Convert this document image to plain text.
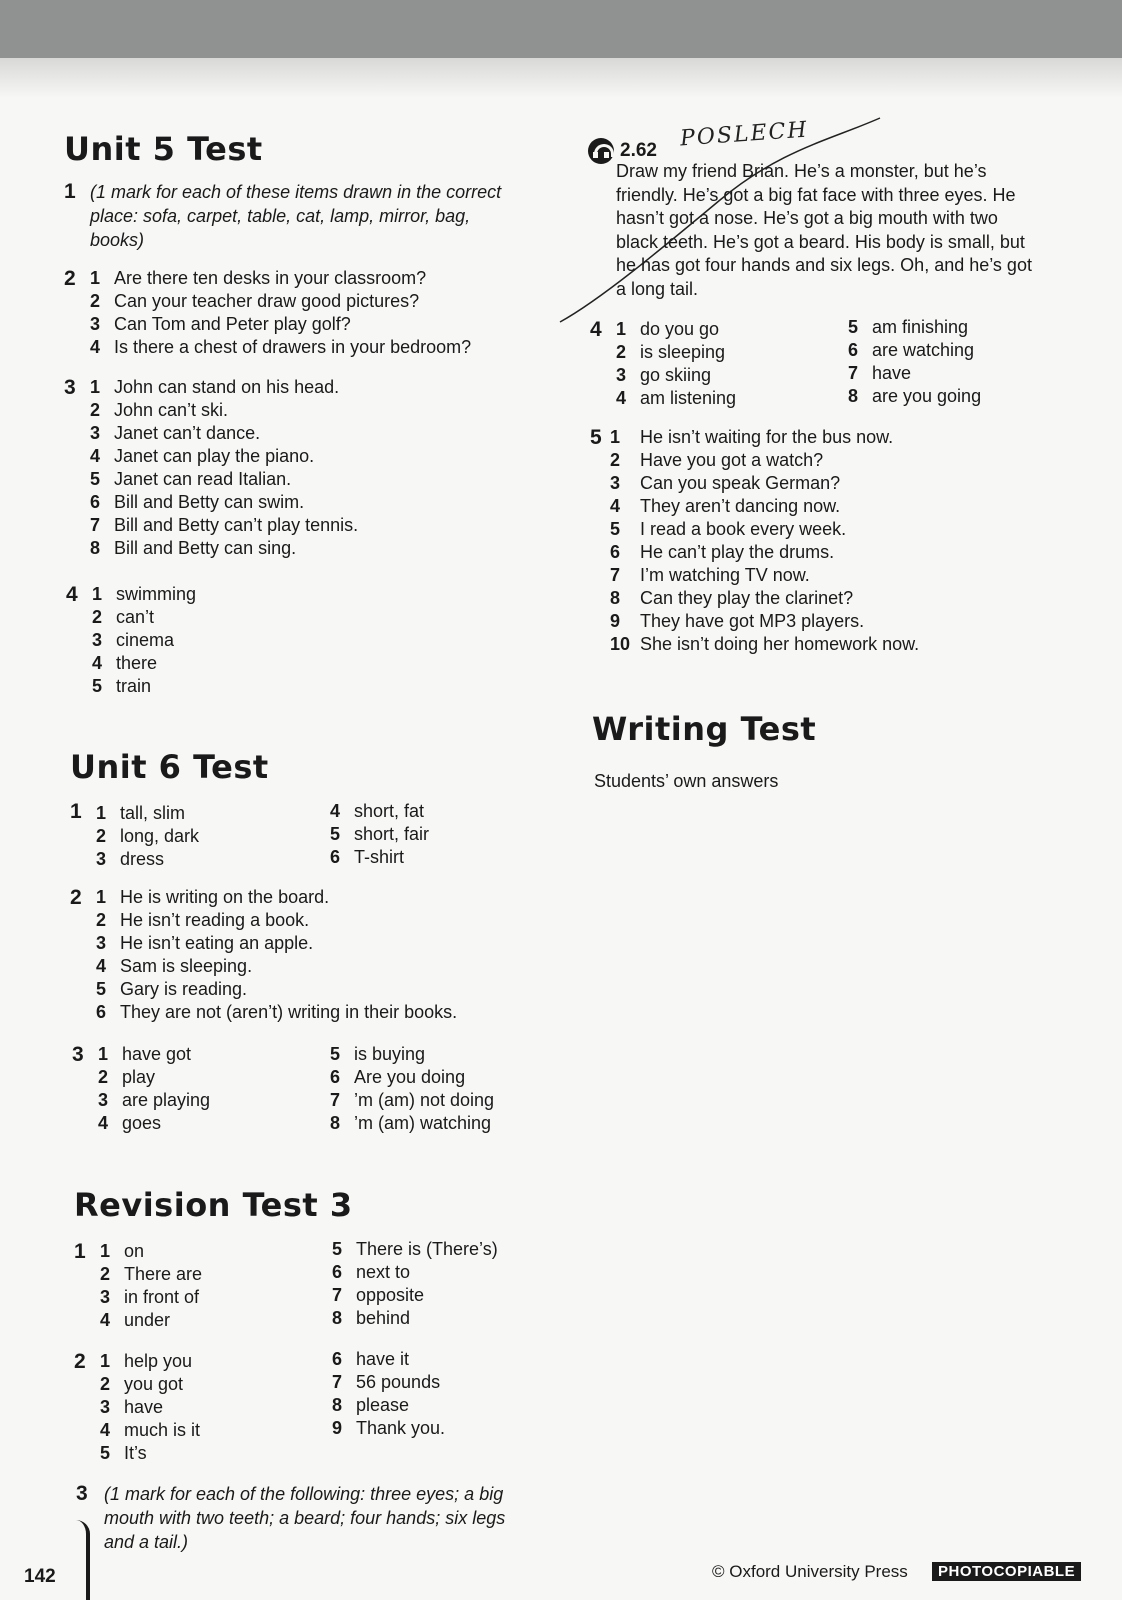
Unit 5 Test
1 (1 mark for each of these items drawn in the correct
place: sofa, carpet, table, cat, lamp, mirror, bag,
books)
2 1 Are there ten desks in your classroom?
2 Can your teacher draw good pictures?
3 Can Tom and Peter play golf?
4 Is there a chest of drawers in your bedroom?
3 1 John can stand on his head.
2 John can’t ski.
3 Janet can’t dance.
4 Janet can play the piano.
5 Janet can read Italian.
6 Bill and Betty can swim.
7 Bill and Betty can’t play tennis.
8 Bill and Betty can sing.
4 1 swimming
2 can’t
3 cinema
4 there
5 train
Unit 6 Test
1 1 tall, slim
2 long, dark
3 dress
4 short, fat
5 short, fair
6 T-shirt
2 1 He is writing on the board.
2 He isn’t reading a book.
3 He isn’t eating an apple.
4 Sam is sleeping.
5 Gary is reading.
6 They are not (aren’t) writing in their books.
3 1 have got
2 play
3 are playing
4 goes
5 is buying
6 Are you doing
7 ’m (am) not doing
8 ’m (am) watching
Revision Test 3
1 1 on
2 There are
3 in front of
4 under
5 There is (There’s)
6 next to
7 opposite
8 behind
2 1 help you
2 you got
3 have
4 much is it
5 It’s
6 have it
7 56 pounds
8 please
9 Thank you.
3 (1 mark for each of the following: three eyes; a big
mouth with two teeth; a beard; four hands; six legs
and a tail.)
2.62 POSLECH
Draw my friend Brian. He’s a monster, but he’s
friendly. He’s got a big fat face with three eyes. He
hasn’t got a nose. He’s got a big mouth with two
black teeth. He’s got a beard. His body is small, but
he has got four hands and six legs. Oh, and he’s got
a long tail.
4 1 do you go
2 is sleeping
3 go skiing
4 am listening
5 am finishing
6 are watching
7 have
8 are you going
5 1 He isn’t waiting for the bus now.
2 Have you got a watch?
3 Can you speak German?
4 They aren’t dancing now.
5 I read a book every week.
6 He can’t play the drums.
7 I’m watching TV now.
8 Can they play the clarinet?
9 They have got MP3 players.
10 She isn’t doing her homework now.
Writing Test
Students’ own answers
142	© Oxford University Press	PHOTOCOPIABLE
